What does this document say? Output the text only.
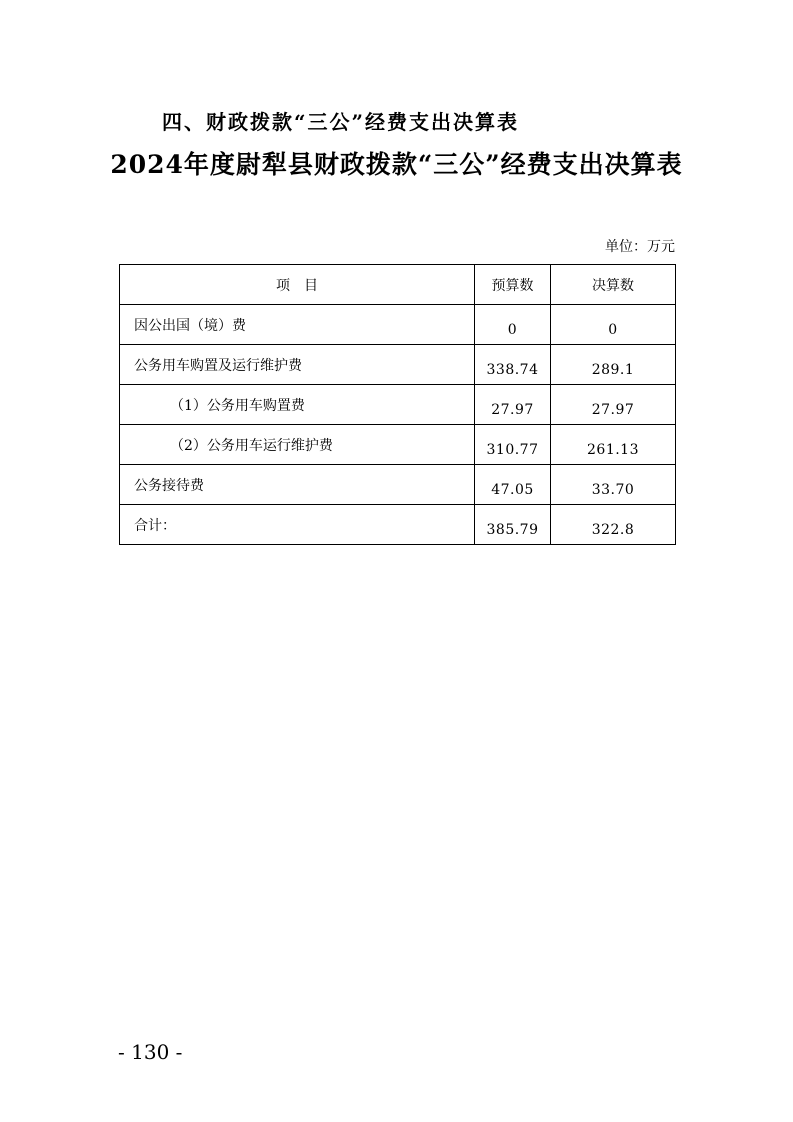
四、财政拨款“三公”经费支出决算表
2024年度尉犁县财政拨款“三公”经费支出决算表
单位：万元
项　目	预算数	决算数
因公出国（境）费	0	0
公务用车购置及运行维护费	338.74	289.1
（1）公务用车购置费	27.97	27.97
（2）公务用车运行维护费	310.77	261.13
公务接待费	47.05	33.70
合计：	385.79	322.8
- 130 -
